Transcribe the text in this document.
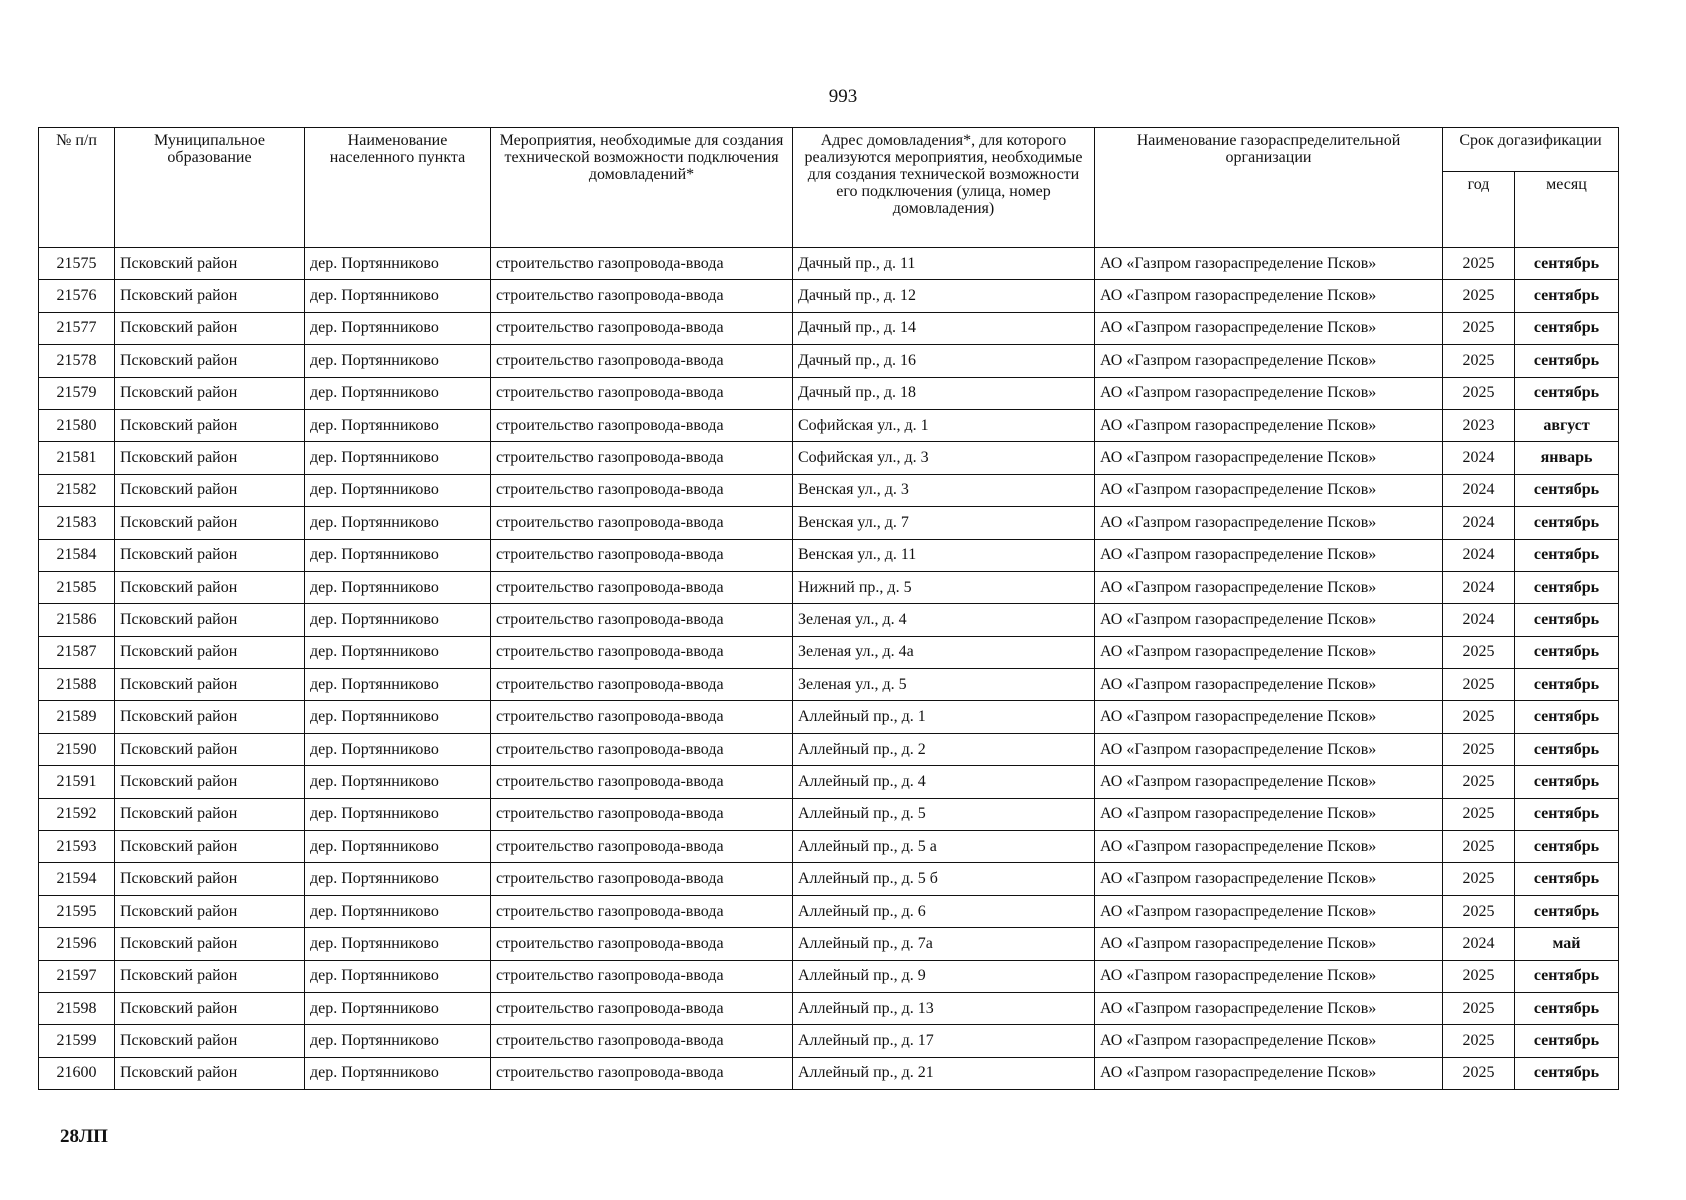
993
№ п/п	Муниципальное образование	Наименование населенного пункта	Мероприятия, необходимые для создания технической возможности подключения домовладений*	Адрес домовладения*, для которого реализуются мероприятия, необходимые для создания технической возможности его подключения (улица, номер домовладения)	Наименование газораспределительной организации	Срок догазификации	
						год	месяц
21575	Псковский район	дер. Портянниково	строительство газопровода-ввода	Дачный пр., д. 11	АО «Газпром газораспределение Псков»	2025	сентябрь
21576	Псковский район	дер. Портянниково	строительство газопровода-ввода	Дачный пр., д. 12	АО «Газпром газораспределение Псков»	2025	сентябрь
21577	Псковский район	дер. Портянниково	строительство газопровода-ввода	Дачный пр., д. 14	АО «Газпром газораспределение Псков»	2025	сентябрь
21578	Псковский район	дер. Портянниково	строительство газопровода-ввода	Дачный пр., д. 16	АО «Газпром газораспределение Псков»	2025	сентябрь
21579	Псковский район	дер. Портянниково	строительство газопровода-ввода	Дачный пр., д. 18	АО «Газпром газораспределение Псков»	2025	сентябрь
21580	Псковский район	дер. Портянниково	строительство газопровода-ввода	Софийская ул., д. 1	АО «Газпром газораспределение Псков»	2023	август
21581	Псковский район	дер. Портянниково	строительство газопровода-ввода	Софийская ул., д. 3	АО «Газпром газораспределение Псков»	2024	январь
21582	Псковский район	дер. Портянниково	строительство газопровода-ввода	Венская ул., д. 3	АО «Газпром газораспределение Псков»	2024	сентябрь
21583	Псковский район	дер. Портянниково	строительство газопровода-ввода	Венская ул., д. 7	АО «Газпром газораспределение Псков»	2024	сентябрь
21584	Псковский район	дер. Портянниково	строительство газопровода-ввода	Венская ул., д. 11	АО «Газпром газораспределение Псков»	2024	сентябрь
21585	Псковский район	дер. Портянниково	строительство газопровода-ввода	Нижний пр., д. 5	АО «Газпром газораспределение Псков»	2024	сентябрь
21586	Псковский район	дер. Портянниково	строительство газопровода-ввода	Зеленая ул., д. 4	АО «Газпром газораспределение Псков»	2024	сентябрь
21587	Псковский район	дер. Портянниково	строительство газопровода-ввода	Зеленая ул., д. 4а	АО «Газпром газораспределение Псков»	2025	сентябрь
21588	Псковский район	дер. Портянниково	строительство газопровода-ввода	Зеленая ул., д. 5	АО «Газпром газораспределение Псков»	2025	сентябрь
21589	Псковский район	дер. Портянниково	строительство газопровода-ввода	Аллейный пр., д. 1	АО «Газпром газораспределение Псков»	2025	сентябрь
21590	Псковский район	дер. Портянниково	строительство газопровода-ввода	Аллейный пр., д. 2	АО «Газпром газораспределение Псков»	2025	сентябрь
21591	Псковский район	дер. Портянниково	строительство газопровода-ввода	Аллейный пр., д. 4	АО «Газпром газораспределение Псков»	2025	сентябрь
21592	Псковский район	дер. Портянниково	строительство газопровода-ввода	Аллейный пр., д. 5	АО «Газпром газораспределение Псков»	2025	сентябрь
21593	Псковский район	дер. Портянниково	строительство газопровода-ввода	Аллейный пр., д. 5 а	АО «Газпром газораспределение Псков»	2025	сентябрь
21594	Псковский район	дер. Портянниково	строительство газопровода-ввода	Аллейный пр., д. 5 б	АО «Газпром газораспределение Псков»	2025	сентябрь
21595	Псковский район	дер. Портянниково	строительство газопровода-ввода	Аллейный пр., д. 6	АО «Газпром газораспределение Псков»	2025	сентябрь
21596	Псковский район	дер. Портянниково	строительство газопровода-ввода	Аллейный пр., д. 7а	АО «Газпром газораспределение Псков»	2024	май
21597	Псковский район	дер. Портянниково	строительство газопровода-ввода	Аллейный пр., д. 9	АО «Газпром газораспределение Псков»	2025	сентябрь
21598	Псковский район	дер. Портянниково	строительство газопровода-ввода	Аллейный пр., д. 13	АО «Газпром газораспределение Псков»	2025	сентябрь
21599	Псковский район	дер. Портянниково	строительство газопровода-ввода	Аллейный пр., д. 17	АО «Газпром газораспределение Псков»	2025	сентябрь
21600	Псковский район	дер. Портянниково	строительство газопровода-ввода	Аллейный пр., д. 21	АО «Газпром газораспределение Псков»	2025	сентябрь
28ЛП
